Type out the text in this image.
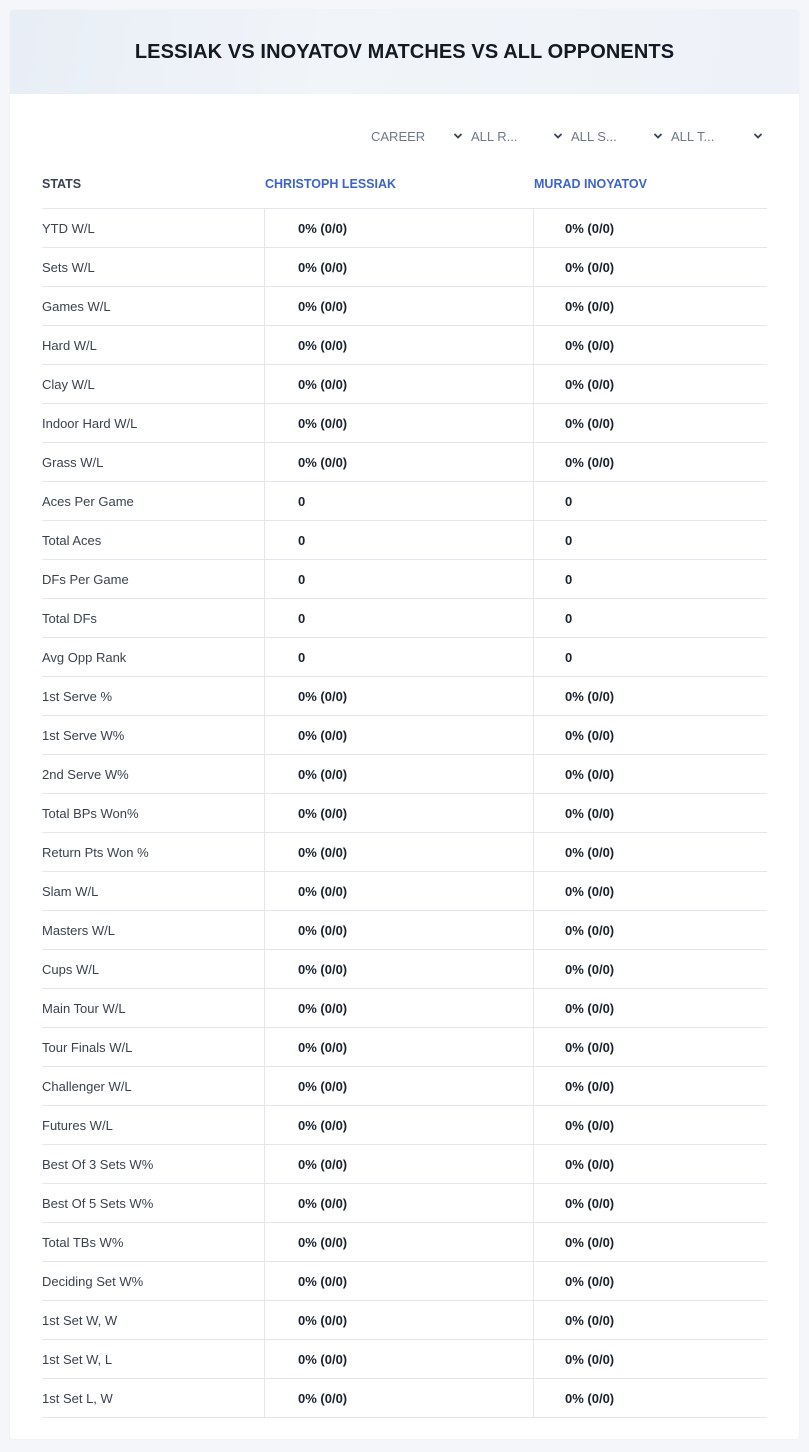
LESSIAK VS INOYATOV MATCHES VS ALL OPPONENTS
CAREER	ALL R...	ALL S...	ALL T...
STATS	CHRISTOPH LESSIAK	MURAD INOYATOV
YTD W/L	0% (0/0)	0% (0/0)
Sets W/L	0% (0/0)	0% (0/0)
Games W/L	0% (0/0)	0% (0/0)
Hard W/L	0% (0/0)	0% (0/0)
Clay W/L	0% (0/0)	0% (0/0)
Indoor Hard W/L	0% (0/0)	0% (0/0)
Grass W/L	0% (0/0)	0% (0/0)
Aces Per Game	0	0
Total Aces	0	0
DFs Per Game	0	0
Total DFs	0	0
Avg Opp Rank	0	0
1st Serve %	0% (0/0)	0% (0/0)
1st Serve W%	0% (0/0)	0% (0/0)
2nd Serve W%	0% (0/0)	0% (0/0)
Total BPs Won%	0% (0/0)	0% (0/0)
Return Pts Won %	0% (0/0)	0% (0/0)
Slam W/L	0% (0/0)	0% (0/0)
Masters W/L	0% (0/0)	0% (0/0)
Cups W/L	0% (0/0)	0% (0/0)
Main Tour W/L	0% (0/0)	0% (0/0)
Tour Finals W/L	0% (0/0)	0% (0/0)
Challenger W/L	0% (0/0)	0% (0/0)
Futures W/L	0% (0/0)	0% (0/0)
Best Of 3 Sets W%	0% (0/0)	0% (0/0)
Best Of 5 Sets W%	0% (0/0)	0% (0/0)
Total TBs W%	0% (0/0)	0% (0/0)
Deciding Set W%	0% (0/0)	0% (0/0)
1st Set W, W	0% (0/0)	0% (0/0)
1st Set W, L	0% (0/0)	0% (0/0)
1st Set L, W	0% (0/0)	0% (0/0)
